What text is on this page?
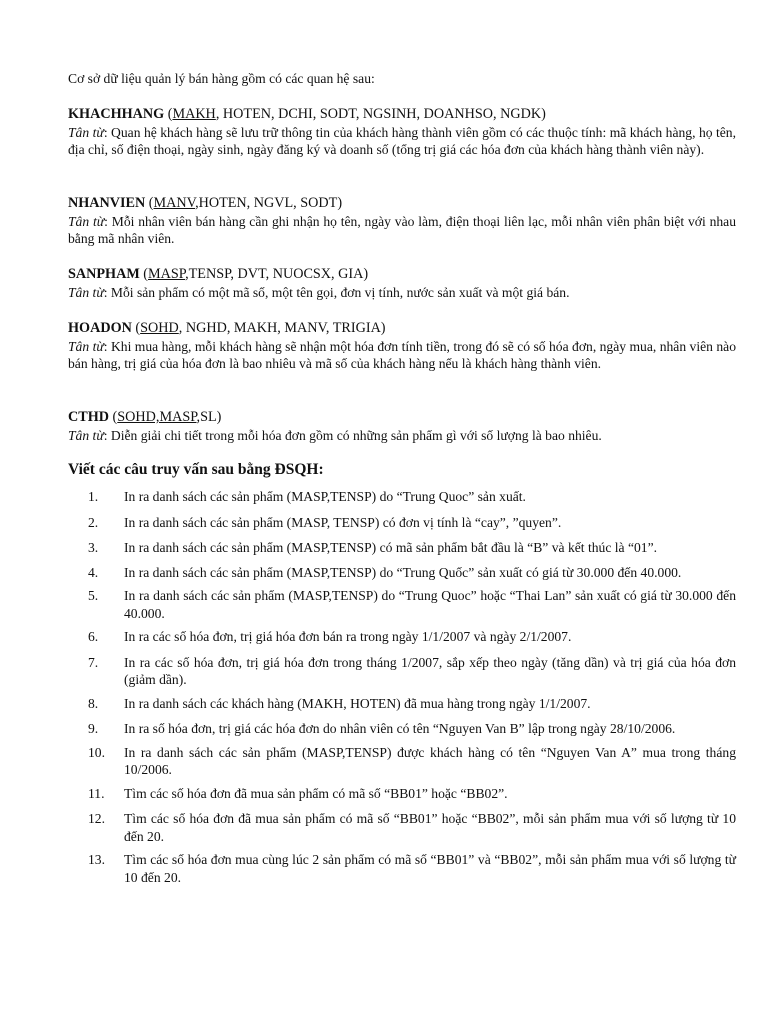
Cơ sở dữ liệu quản lý bán hàng gồm có các quan hệ sau:
KHACHHANG (MAKH, HOTEN, DCHI, SODT, NGSINH, DOANHSO, NGDK)
Tân từ: Quan hệ khách hàng sẽ lưu trữ thông tin của khách hàng thành viên gồm có các thuộc tính: mã khách hàng, họ tên, địa chỉ, số điện thoại, ngày sinh, ngày đăng ký và doanh số (tổng trị giá các hóa đơn của khách hàng thành viên này).
NHANVIEN (MANV,HOTEN, NGVL, SODT)
Tân từ: Mỗi nhân viên bán hàng cần ghi nhận họ tên, ngày vào làm, điện thoại liên lạc, mỗi nhân viên phân biệt với nhau bằng mã nhân viên.
SANPHAM (MASP,TENSP, DVT, NUOCSX, GIA)
Tân từ: Mỗi sản phẩm có một mã số, một tên gọi, đơn vị tính, nước sản xuất và một giá bán.
HOADON (SOHD, NGHD, MAKH, MANV, TRIGIA)
Tân từ: Khi mua hàng, mỗi khách hàng sẽ nhận một hóa đơn tính tiền, trong đó sẽ có số hóa đơn, ngày mua, nhân viên nào bán hàng, trị giá của hóa đơn là bao nhiêu và mã số của khách hàng nếu là khách hàng thành viên.
CTHD (SOHD,MASP,SL)
Tân từ: Diễn giải chi tiết trong mỗi hóa đơn gồm có những sản phẩm gì với số lượng là bao nhiêu.
Viết các câu truy vấn sau bằng ĐSQH:
1. In ra danh sách các sản phẩm (MASP,TENSP) do “Trung Quoc” sản xuất.
2. In ra danh sách các sản phẩm (MASP, TENSP) có đơn vị tính là “cay”, ”quyen”.
3. In ra danh sách các sản phẩm (MASP,TENSP) có mã sản phẩm bắt đầu là “B” và kết thúc là “01”.
4. In ra danh sách các sản phẩm (MASP,TENSP) do “Trung Quốc” sản xuất có giá từ 30.000 đến 40.000.
5. In ra danh sách các sản phẩm (MASP,TENSP) do “Trung Quoc” hoặc “Thai Lan” sản xuất có giá từ 30.000 đến 40.000.
6. In ra các số hóa đơn, trị giá hóa đơn bán ra trong ngày 1/1/2007 và ngày 2/1/2007.
7. In ra các số hóa đơn, trị giá hóa đơn trong tháng 1/2007, sắp xếp theo ngày (tăng dần) và trị giá của hóa đơn (giảm dần).
8. In ra danh sách các khách hàng (MAKH, HOTEN) đã mua hàng trong ngày 1/1/2007.
9. In ra số hóa đơn, trị giá các hóa đơn do nhân viên có tên “Nguyen Van B” lập trong ngày 28/10/2006.
10. In ra danh sách các sản phẩm (MASP,TENSP) được khách hàng có tên “Nguyen Van A” mua trong tháng 10/2006.
11. Tìm các số hóa đơn đã mua sản phẩm có mã số “BB01” hoặc “BB02”.
12. Tìm các số hóa đơn đã mua sản phẩm có mã số “BB01” hoặc “BB02”, mỗi sản phẩm mua với số lượng từ 10 đến 20.
13. Tìm các số hóa đơn mua cùng lúc 2 sản phẩm có mã số “BB01” và “BB02”, mỗi sản phẩm mua với số lượng từ 10 đến 20.
